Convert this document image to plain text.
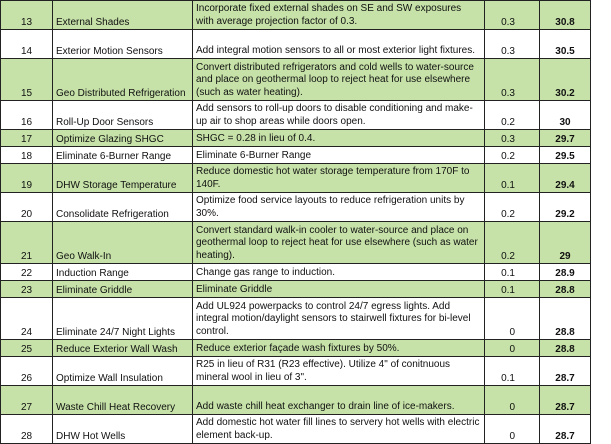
13	External Shades	Incorporate fixed external shades on SE and SW exposures with average projection factor of 0.3.	0.3	30.8
14	Exterior Motion Sensors	Add integral motion sensors to all or most exterior light fixtures.	0.3	30.5
15	Geo Distributed Refrigeration	Convert distributed refrigerators and cold wells to water-source and place on geothermal loop to reject heat for use elsewhere (such as water heating).	0.3	30.2
16	Roll-Up Door Sensors	Add sensors to roll-up doors to disable conditioning and make-up air to shop areas while doors open.	0.2	30
17	Optimize Glazing SHGC	SHGC = 0.28 in lieu of 0.4.	0.3	29.7
18	Eliminate 6-Burner Range	Eliminate 6-Burner Range	0.2	29.5
19	DHW Storage Temperature	Reduce domestic hot water storage temperature from 170F to 140F.	0.1	29.4
20	Consolidate Refrigeration	Optimize food service layouts to reduce refrigeration units by 30%.	0.2	29.2
21	Geo Walk-In	Convert standard walk-in cooler to water-source and place on geothermal loop to reject heat for use elsewhere (such as water heating).	0.2	29
22	Induction Range	Change gas range to induction.	0.1	28.9
23	Eliminate Griddle	Eliminate Griddle	0.1	28.8
24	Eliminate 24/7 Night Lights	Add UL924 powerpacks to control 24/7 egress lights. Add integral motion/daylight sensors to stairwell fixtures for bi-level control.	0	28.8
25	Reduce Exterior Wall Wash	Reduce exterior façade wash fixtures by 50%.	0	28.8
26	Optimize Wall Insulation	R25 in lieu of R31 (R23 effective). Utilize 4" of conitnuous mineral wool in lieu of 3".	0.1	28.7
27	Waste Chill Heat Recovery	Add waste chill heat exchanger to drain line of ice-makers.	0	28.7
28	DHW Hot Wells	Add domestic hot water fill lines to servery hot wells with electric element back-up.	0	28.7
